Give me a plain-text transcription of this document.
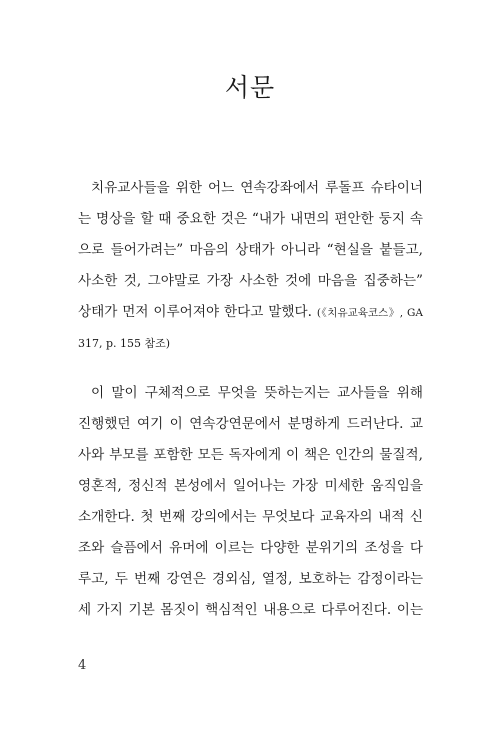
서문
치유교사들을 위한 어느 연속강좌에서 루돌프 슈타이너
는 명상을 할 때 중요한 것은 “내가 내면의 편안한 둥지 속
으로 들어가려는” 마음의 상태가 아니라 “현실을 붙들고,
사소한 것, 그야말로 가장 사소한 것에 마음을 집중하는”
상태가 먼저 이루어져야 한다고 말했다. (《치유교육코스》, GA
317, p. 155 참조)
이 말이 구체적으로 무엇을 뜻하는지는 교사들을 위해
진행했던 여기 이 연속강연문에서 분명하게 드러난다. 교
사와 부모를 포함한 모든 독자에게 이 책은 인간의 물질적,
영혼적, 정신적 본성에서 일어나는 가장 미세한 움직임을
소개한다. 첫 번째 강의에서는 무엇보다 교육자의 내적 신
조와 슬픔에서 유머에 이르는 다양한 분위기의 조성을 다
루고, 두 번째 강연은 경외심, 열정, 보호하는 감정이라는
세 가지 기본 몸짓이 핵심적인 내용으로 다루어진다. 이는
4
